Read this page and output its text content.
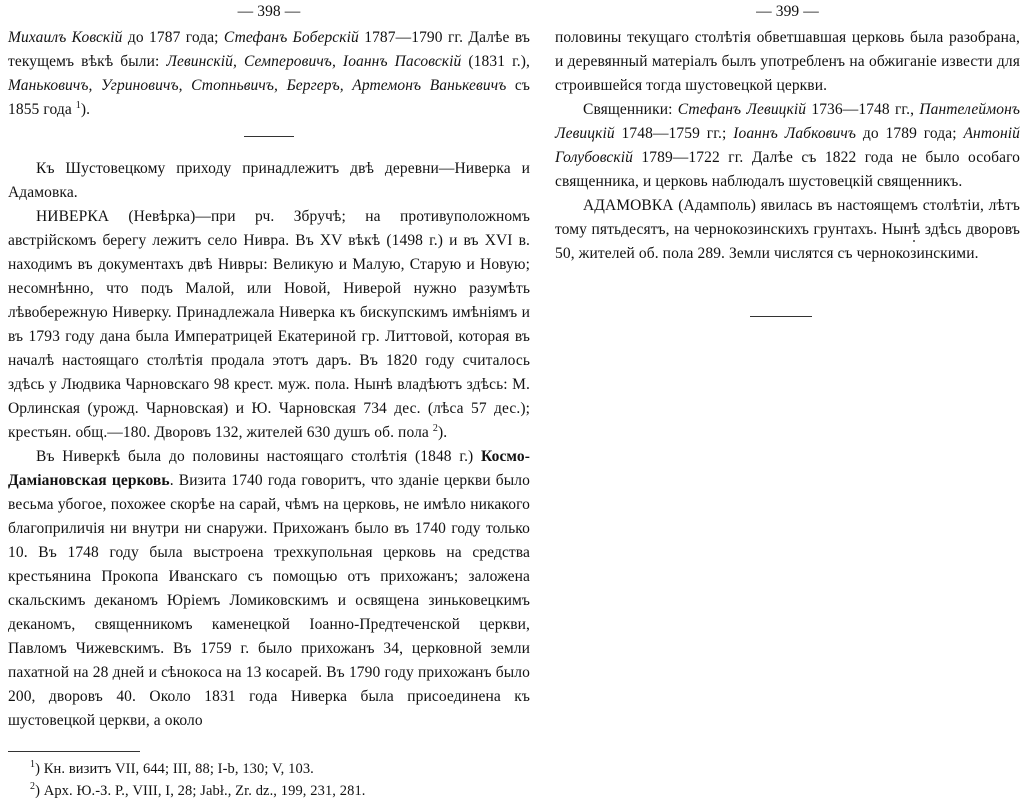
— 398 —

Михаилъ Ковскій до 1787 года; Стефанъ Боберскій 1787—1790 гг. Далѣе въ текущемъ вѣкѣ были: Левинскій, Семперовичъ, Іоаннъ Пасовскій (1831 г.), Маньковичъ, Угриновичъ, Стопньвичъ, Бергеръ, Артемонъ Ванькевичъ съ 1855 года $^1$).

Къ Шустовецкому приходу принадлежитъ двѣ деревни—Ниверка и Адамовка.

НИВЕРКА (Невѣрка)—при рч. Збручѣ; на противуположномъ австрійскомъ берегу лежитъ село Нивра. Въ XV вѣкѣ (1498 г.) и въ XVI в. находимъ въ документахъ двѣ Нивры: Великую и Малую, Старую и Новую; несомнѣнно, что подъ Малой, или Новой, Ниверой нужно разумѣть лѣвобережную Ниверку. Принадлежала Ниверка къ бискупскимъ имѣніямъ и въ 1793 году дана была Императрицей Екатериной гр. Литтовой, которая въ началѣ настоящаго столѣтія продала этотъ даръ. Въ 1820 году считалось здѣсь у Людвика Чарновскаго 98 крест. муж. пола. Нынѣ владѣютъ здѣсь: М. Орлинская (урожд. Чарновская) и Ю. Чарновская 734 дес. (лѣса 57 дес.); крестьян. общ.—180. Дворовъ 132, жителей 630 душъ об. пола $^2$).

Въ Ниверкѣ была до половины настоящаго столѣтія (1848 г.) Космо-Даміановская церковь. Визита 1740 года говоритъ, что зданіе церкви было весьма убогое, похожее скорѣе на сарай, чѣмъ на церковь, не имѣло никакого благоприличія ни внутри ни снаружи. Прихожанъ было въ 1740 году только 10. Въ 1748 году была выстроена трехкупольная церковь на средства крестьянина Прокопа Иванскаго съ помощью отъ прихожанъ; заложена скальскимъ деканомъ Юріемъ Ломиковскимъ и освящена зиньковецкимъ деканомъ, священникомъ каменецкой Іоанно-Предтеченской церкви, Павломъ Чижевскимъ. Въ 1759 г. было прихожанъ 34, церковной земли пахатной на 28 дней и сѣнокоса на 13 косарей. Въ 1790 году прихожанъ было 200, дворовъ 40. Около 1831 года Ниверка была присоединена къ шустовецкой церкви, а около

$^1$) Кн. визитъ VII, 644; III, 88; I-b, 130; V, 103.

$^2$) Арх. Ю.-З. Р., VIII, I, 28; Jabł., Zr. dz., 199, 231, 281.

— 399 —

половины текущаго столѣтія обветшавшая церковь была разобрана, и деревянный матеріалъ былъ употребленъ на обжиганіе извести для строившейся тогда шустовецкой церкви.

Священники: Стефанъ Левицкій 1736—1748 гг., Пантелеймонъ Левицкій 1748—1759 гг.; Іоаннъ Лабковичъ до 1789 года; Антоній Голубовскій 1789—1722 гг. Далѣе съ 1822 года не было особаго священника, и церковь наблюдалъ шустовецкій священникъ.

АДАМОВКА (Адамполь) явилась въ настоящемъ столѣтіи, лѣтъ тому пятьдесятъ, на чернокозинскихъ грунтахъ. Нынѣ здѣсь дворовъ 50, жителей об. пола 289. Земли числятся съ чернокозинскими.
